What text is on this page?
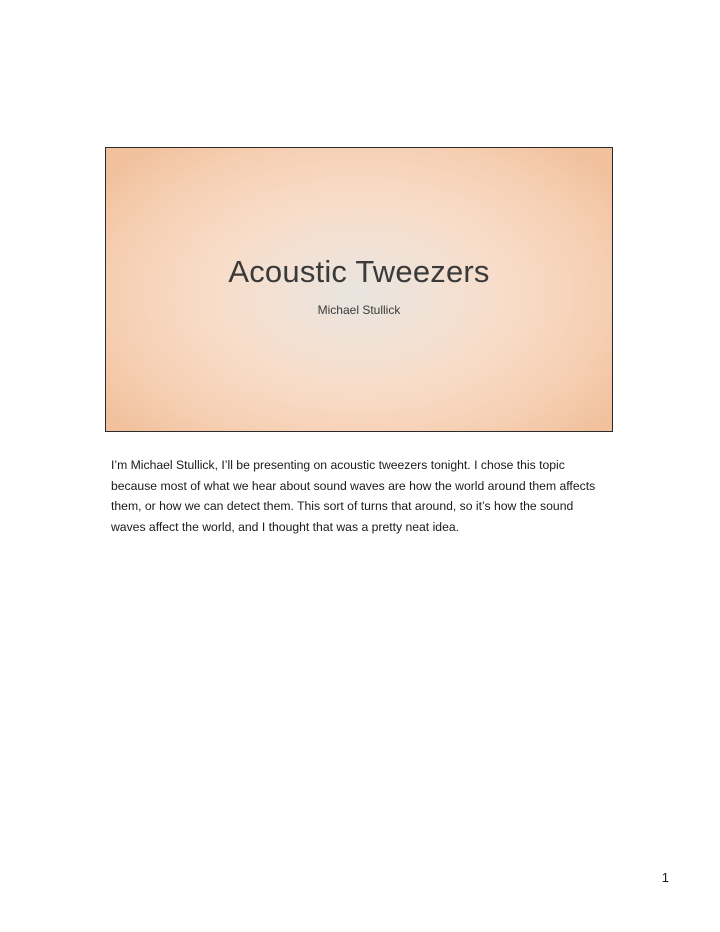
Acoustic Tweezers
Michael Stullick

I’m Michael Stullick, I’ll be presenting on acoustic tweezers tonight. I chose this topic because most of what we hear about sound waves are how the world around them affects them, or how we can detect them. This sort of turns that around, so it’s how the sound waves affect the world, and I thought that was a pretty neat idea.

1
